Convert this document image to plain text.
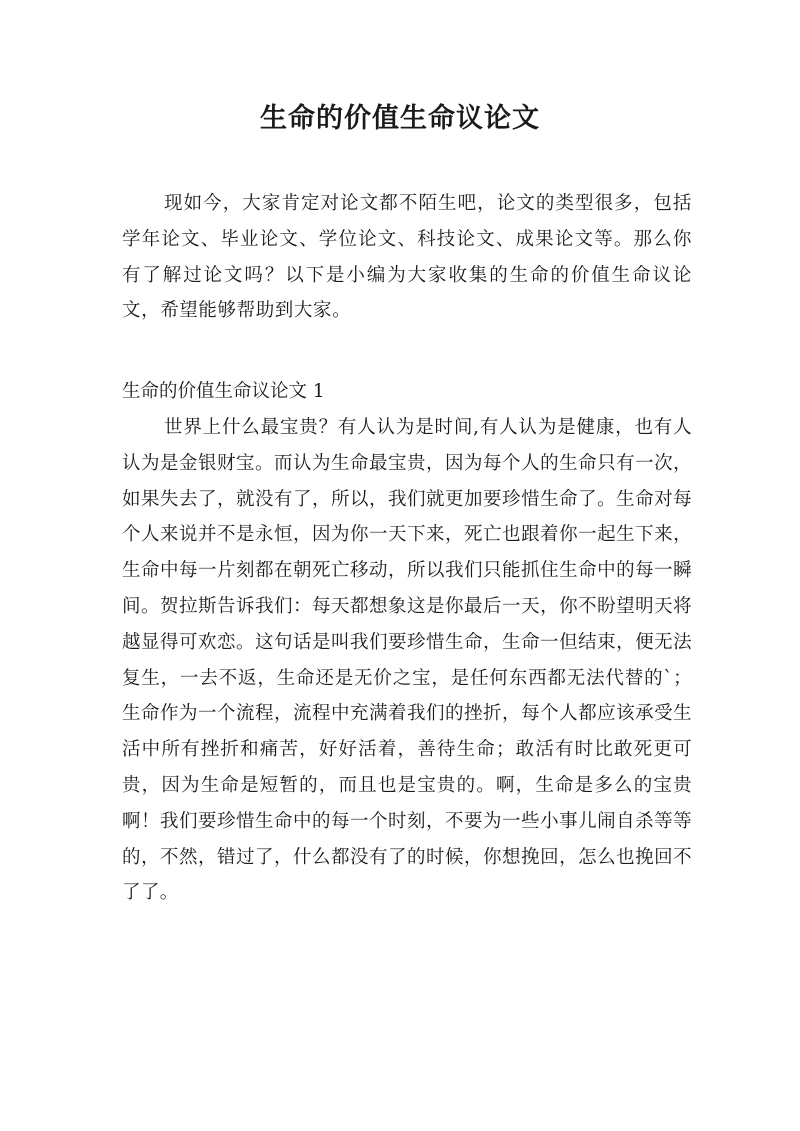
生命的价值生命议论文

现如今，大家肯定对论文都不陌生吧，论文的类型很多，包括学年论文、毕业论文、学位论文、科技论文、成果论文等。那么你有了解过论文吗？以下是小编为大家收集的生命的价值生命议论文，希望能够帮助到大家。

生命的价值生命议论文 1

世界上什么最宝贵？有人认为是时间,有人认为是健康，也有人认为是金银财宝。而认为生命最宝贵，因为每个人的生命只有一次，如果失去了，就没有了，所以，我们就更加要珍惜生命了。生命对每个人来说并不是永恒，因为你一天下来，死亡也跟着你一起生下来，生命中每一片刻都在朝死亡移动，所以我们只能抓住生命中的每一瞬间。贺拉斯告诉我们：每天都想象这是你最后一天，你不盼望明天将越显得可欢恋。这句话是叫我们要珍惜生命，生命一但结束，便无法复生，一去不返，生命还是无价之宝，是任何东西都无法代替的`；生命作为一个流程，流程中充满着我们的挫折，每个人都应该承受生活中所有挫折和痛苦，好好活着，善待生命；敢活有时比敢死更可贵，因为生命是短暂的，而且也是宝贵的。啊，生命是多么的宝贵啊！我们要珍惜生命中的每一个时刻，不要为一些小事儿闹自杀等等的，不然，错过了，什么都没有了的时候，你想挽回，怎么也挽回不了了。
